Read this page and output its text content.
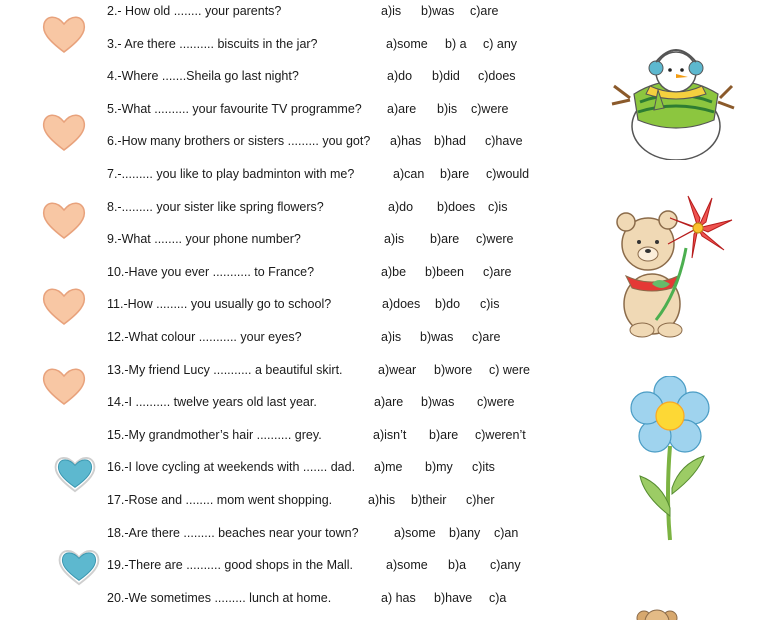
2.- How old ........ your parents?	a)is b)was c)are
3.- Are there .......... biscuits in the jar?	a)some b) a c) any
4.-Where .......Sheila go last night?	a)do b)did c)does
5.-What .......... your favourite TV programme? a)are b)is c)were
6.-How many brothers or sisters ......... you got? a)has b)had c)have
7.-......... you like to play badminton with me?	a)can b)are c)would
8.-......... your sister like spring flowers?	a)do b)does c)is
9.-What ........ your phone number?	a)is b)are c)were
10.-Have you ever ........... to France?	a)be b)been c)are
11.-How ......... you usually go to school?	a)does b)do c)is
12.-What colour ........... your eyes?	a)is b)was c)are
13.-My friend Lucy ........... a beautiful skirt.	a)wear b)wore c) were
14.-I .......... twelve years old last year.	a)are b)was c)were
15.-My grandmother’s hair .......... grey.	a)isn’t b)are c)weren’t
16.-I love cycling at weekends with ....... dad. a)me b)my c)its
17.-Rose and ........ mom went shopping.	a)his b)their c)her
18.-Are there ......... beaches near your town?	a)some b)any c)an
19.-There are .......... good shops in the Mall.	a)some b)a c)any
20.-We sometimes ......... lunch at home.	a) has b)have c)a
